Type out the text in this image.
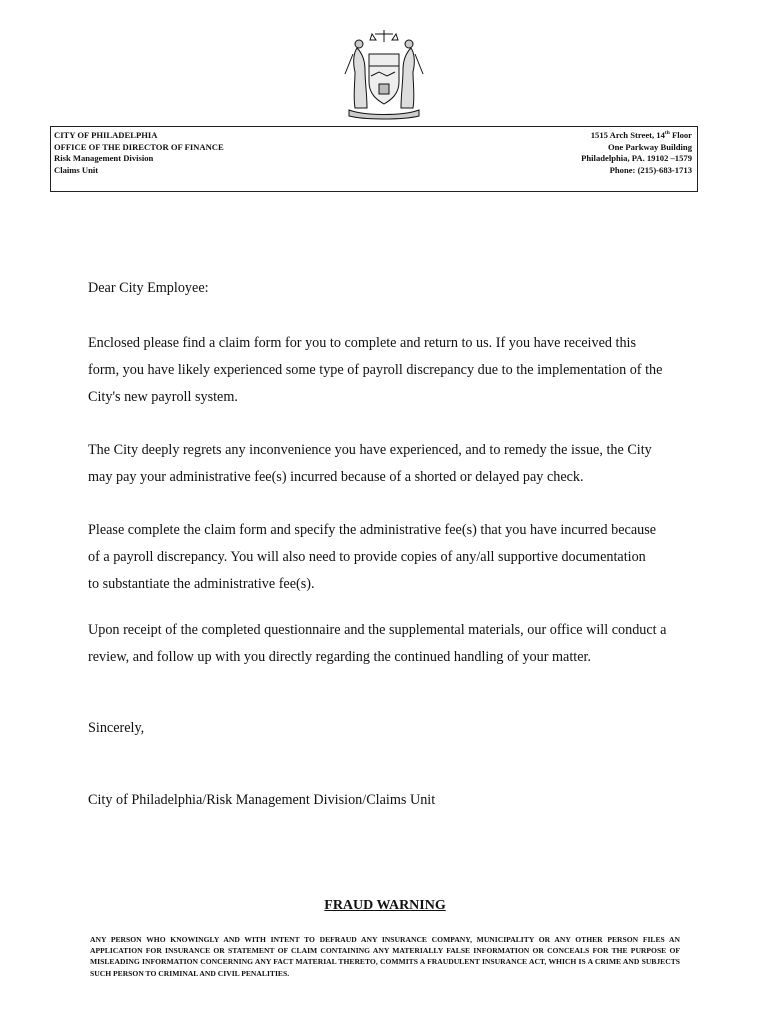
CITY OF PHILADELPHIA
OFFICE OF THE DIRECTOR OF FINANCE
Risk Management Division
Claims Unit
1515 Arch Street, 14th Floor
One Parkway Building
Philadelphia, PA. 19102 –1579
Phone: (215)-683-1713
Dear City Employee:
Enclosed please find a claim form for you to complete and return to us. If you have received this
form, you have likely experienced some type of payroll discrepancy due to the implementation of the
City's new payroll system.
The City deeply regrets any inconvenience you have experienced, and to remedy the issue, the City
may pay your administrative fee(s) incurred because of a shorted or delayed pay check.
Please complete the claim form and specify the administrative fee(s) that you have incurred because
of a payroll discrepancy. You will also need to provide copies of any/all supportive documentation
to substantiate the administrative fee(s).
Upon receipt of the completed questionnaire and the supplemental materials, our office will conduct a
review, and follow up with you directly regarding the continued handling of your matter.
Sincerely,
City of Philadelphia/Risk Management Division/Claims Unit
FRAUD WARNING
ANY PERSON WHO KNOWINGLY AND WITH INTENT TO DEFRAUD ANY INSURANCE COMPANY, MUNICIPALITY OR ANY OTHER PERSON FILES AN APPLICATION FOR INSURANCE OR STATEMENT OF CLAIM CONTAINING ANY MATERIALLY FALSE INFORMATION OR CONCEALS FOR THE PURPOSE OF MISLEADING INFORMATION CONCERNING ANY FACT MATERIAL THERETO, COMMITS A FRAUDULENT INSURANCE ACT, WHICH IS A CRIME AND SUBJECTS SUCH PERSON TO CRIMINAL AND CIVIL PENALITIES.
